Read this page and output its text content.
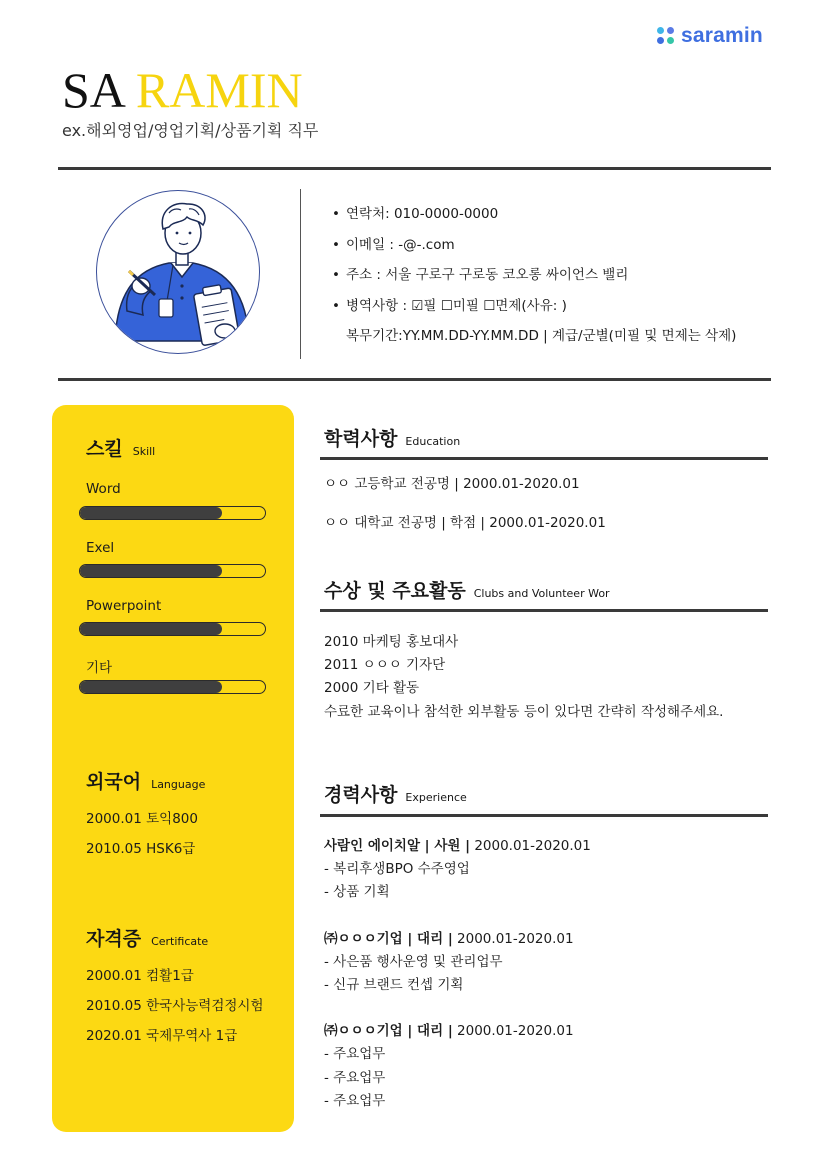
saramin
SA RAMIN
ex.해외영업/영업기획/상품기획 직무
• 연락처: 010-0000-0000
• 이메일 : -@-.com
• 주소 : 서울 구로구 구로동 코오롱 싸이언스 밸리
• 병역사항 : ☑필 ☐미필 ☐면제(사유: )
복무기간:YY.MM.DD-YY.MM.DD | 계급/군별(미필 및 면제는 삭제)
스킬 Skill
Word
Exel
Powerpoint
기타
외국어 Language
2000.01 토익800
2010.05 HSK6급
자격증 Certificate
2000.01 컴활1급
2010.05 한국사능력검정시험
2020.01 국제무역사 1급
학력사항 Education
ㅇㅇ 고등학교 전공명 | 2000.01-2020.01
ㅇㅇ 대학교 전공명 | 학점 | 2000.01-2020.01
수상 및 주요활동 Clubs and Volunteer Wor
2010 마케팅 홍보대사
2011 ㅇㅇㅇ 기자단
2000 기타 활동
수료한 교육이나 참석한 외부활동 등이 있다면 간략히 작성해주세요.
경력사항 Experience
사람인 에이치알 | 사원 | 2000.01-2020.01
- 복리후생BPO 수주영업
- 상품 기획
㈜ㅇㅇㅇ기업 | 대리 | 2000.01-2020.01
- 사은품 행사운영 및 관리업무
- 신규 브랜드 컨셉 기획
㈜ㅇㅇㅇ기업 | 대리 | 2000.01-2020.01
- 주요업무
- 주요업무
- 주요업무
